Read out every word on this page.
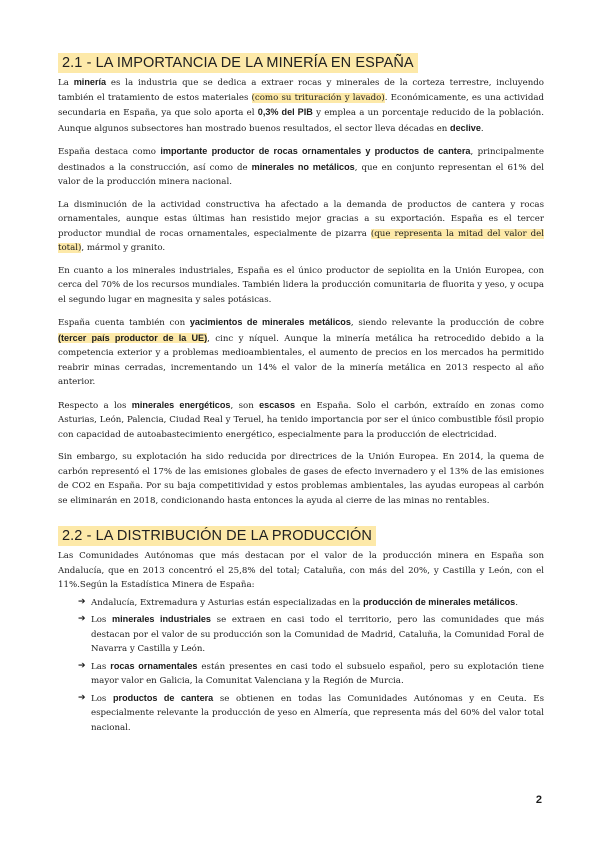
2.1 - LA IMPORTANCIA DE LA MINERÍA EN ESPAÑA

La minería es la industria que se dedica a extraer rocas y minerales de la corteza terrestre, incluyendo también el tratamiento de estos materiales (como su trituración y lavado). Económicamente, es una actividad secundaria en España, ya que solo aporta el 0,3% del PIB y emplea a un porcentaje reducido de la población. Aunque algunos subsectores han mostrado buenos resultados, el sector lleva décadas en declive.

España destaca como importante productor de rocas ornamentales y productos de cantera, principalmente destinados a la construcción, así como de minerales no metálicos, que en conjunto representan el 61% del valor de la producción minera nacional.

La disminución de la actividad constructiva ha afectado a la demanda de productos de cantera y rocas ornamentales, aunque estas últimas han resistido mejor gracias a su exportación. España es el tercer productor mundial de rocas ornamentales, especialmente de pizarra (que representa la mitad del valor del total), mármol y granito.

En cuanto a los minerales industriales, España es el único productor de sepiolita en la Unión Europea, con cerca del 70% de los recursos mundiales. También lidera la producción comunitaria de fluorita y yeso, y ocupa el segundo lugar en magnesita y sales potásicas.

España cuenta también con yacimientos de minerales metálicos, siendo relevante la producción de cobre (tercer país productor de la UE), cinc y níquel. Aunque la minería metálica ha retrocedido debido a la competencia exterior y a problemas medioambientales, el aumento de precios en los mercados ha permitido reabrir minas cerradas, incrementando un 14% el valor de la minería metálica en 2013 respecto al año anterior.

Respecto a los minerales energéticos, son escasos en España. Solo el carbón, extraído en zonas como Asturias, León, Palencia, Ciudad Real y Teruel, ha tenido importancia por ser el único combustible fósil propio con capacidad de autoabastecimiento energético, especialmente para la producción de electricidad.

Sin embargo, su explotación ha sido reducida por directrices de la Unión Europea. En 2014, la quema de carbón representó el 17% de las emisiones globales de gases de efecto invernadero y el 13% de las emisiones de CO2 en España. Por su baja competitividad y estos problemas ambientales, las ayudas europeas al carbón se eliminarán en 2018, condicionando hasta entonces la ayuda al cierre de las minas no rentables.

2.2 - LA DISTRIBUCIÓN DE LA PRODUCCIÓN

Las Comunidades Autónomas que más destacan por el valor de la producción minera en España son Andalucía, que en 2013 concentró el 25,8% del total; Cataluña, con más del 20%, y Castilla y León, con el 11%.Según la Estadística Minera de España:

➔ Andalucía, Extremadura y Asturias están especializadas en la producción de minerales metálicos.
➔ Los minerales industriales se extraen en casi todo el territorio, pero las comunidades que más destacan por el valor de su producción son la Comunidad de Madrid, Cataluña, la Comunidad Foral de Navarra y Castilla y León.
➔ Las rocas ornamentales están presentes en casi todo el subsuelo español, pero su explotación tiene mayor valor en Galicia, la Comunitat Valenciana y la Región de Murcia.
➔ Los productos de cantera se obtienen en todas las Comunidades Autónomas y en Ceuta. Es especialmente relevante la producción de yeso en Almería, que representa más del 60% del valor total nacional.
2
